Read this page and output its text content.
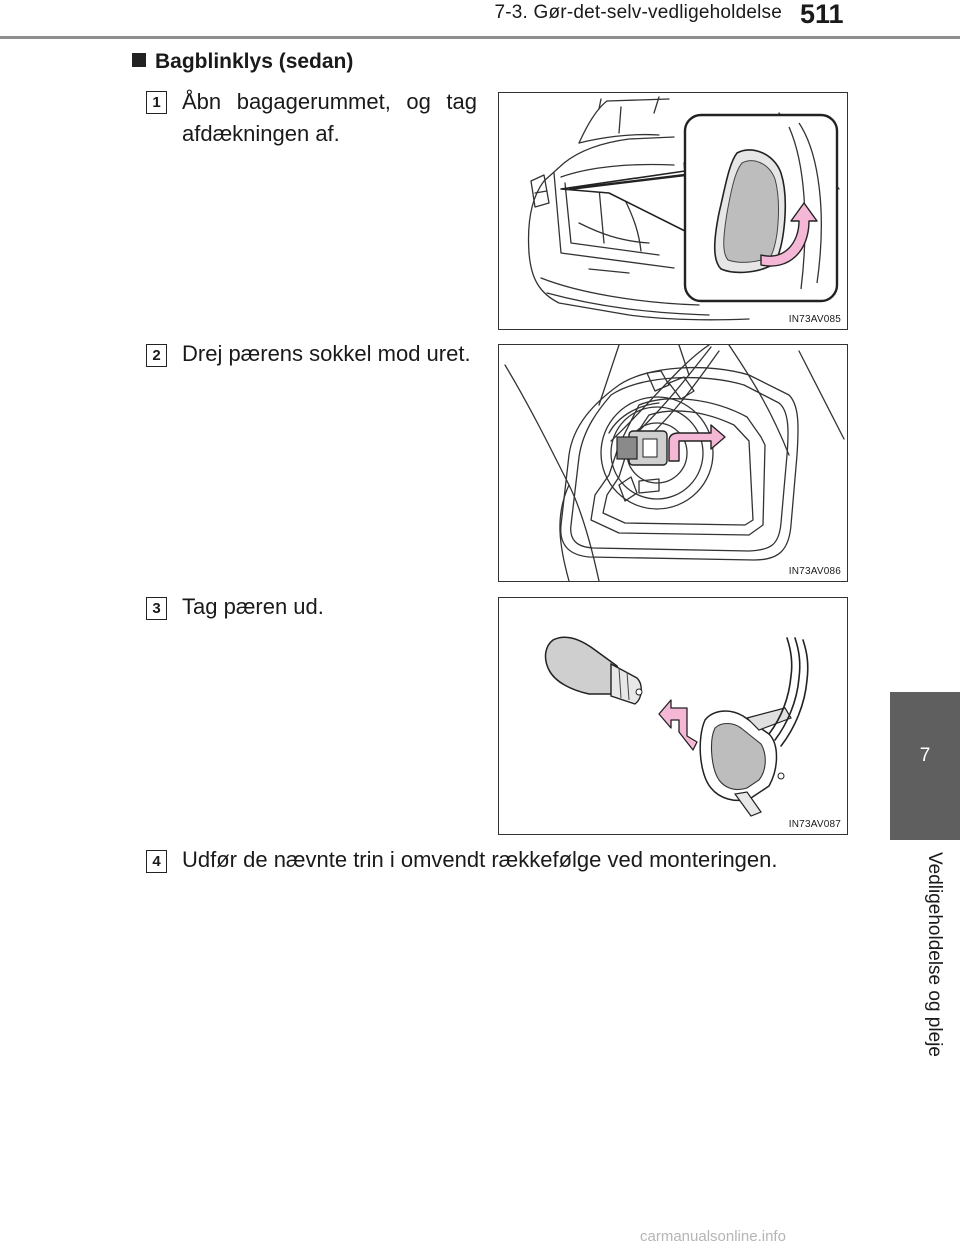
7-3. Gør-det-selv-vedligeholdelse 511
7
Vedligeholdelse og pleje
Bagblinklys (sedan)
1 Åbn bagagerummet, og tag afdækningen af.
IN73AV085
2 Drej pærens sokkel mod uret.
IN73AV086
3 Tag pæren ud.
IN73AV087
4 Udfør de nævnte trin i omvendt rækkefølge ved monteringen.
carmanualsonline.info
